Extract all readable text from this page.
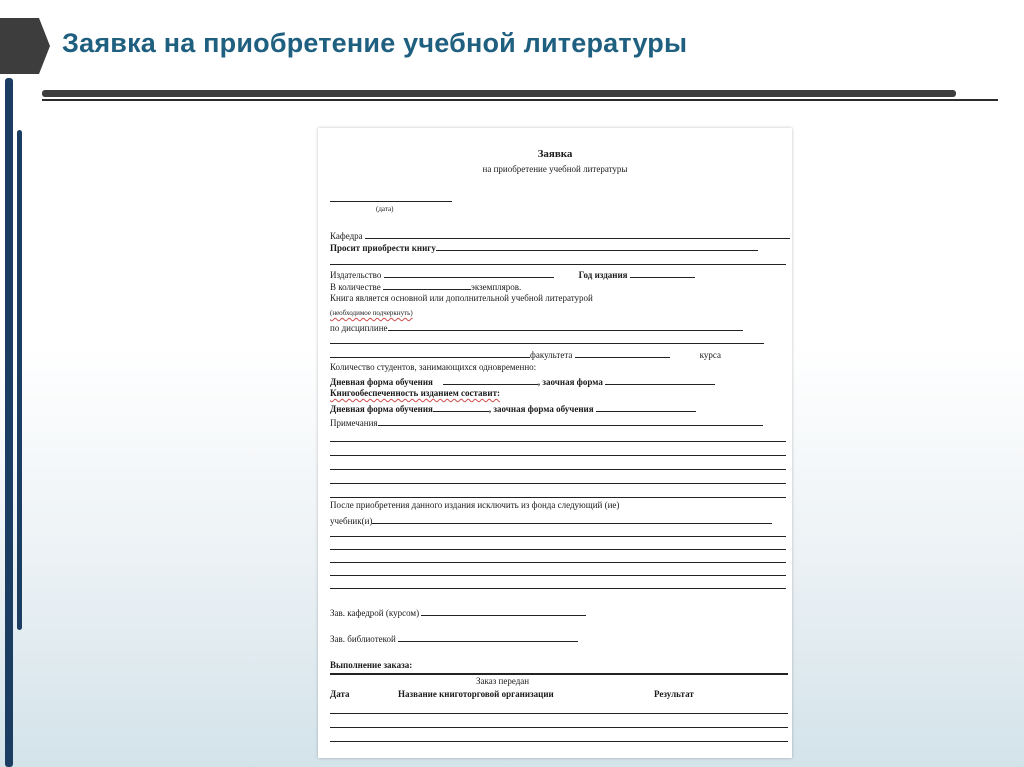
Заявка на приобретение учебной литературы
Заявка
на приобретение учебной литературы
(дата)
Кафедра
Просит приобрести книгу
Издательство	Год издания
В количестве	экземпляров.
Книга является основной или дополнительной учебной литературой
(необходимое подчеркнуть)
по дисциплине
факультета	курса
Количество студентов, занимающихся одновременно:
Дневная форма обучения	, заочная форма
Книгообеспеченность изданием составит:
Дневная форма обучения	, заочная форма обучения
Примечания
После приобретения данного издания исключить из фонда следующий (ие)
учебник(и)
Зав. кафедрой (курсом)
Зав. библиотекой
Выполнение заказа:
Заказ передан
Дата	Название книготорговой организации	Результат
